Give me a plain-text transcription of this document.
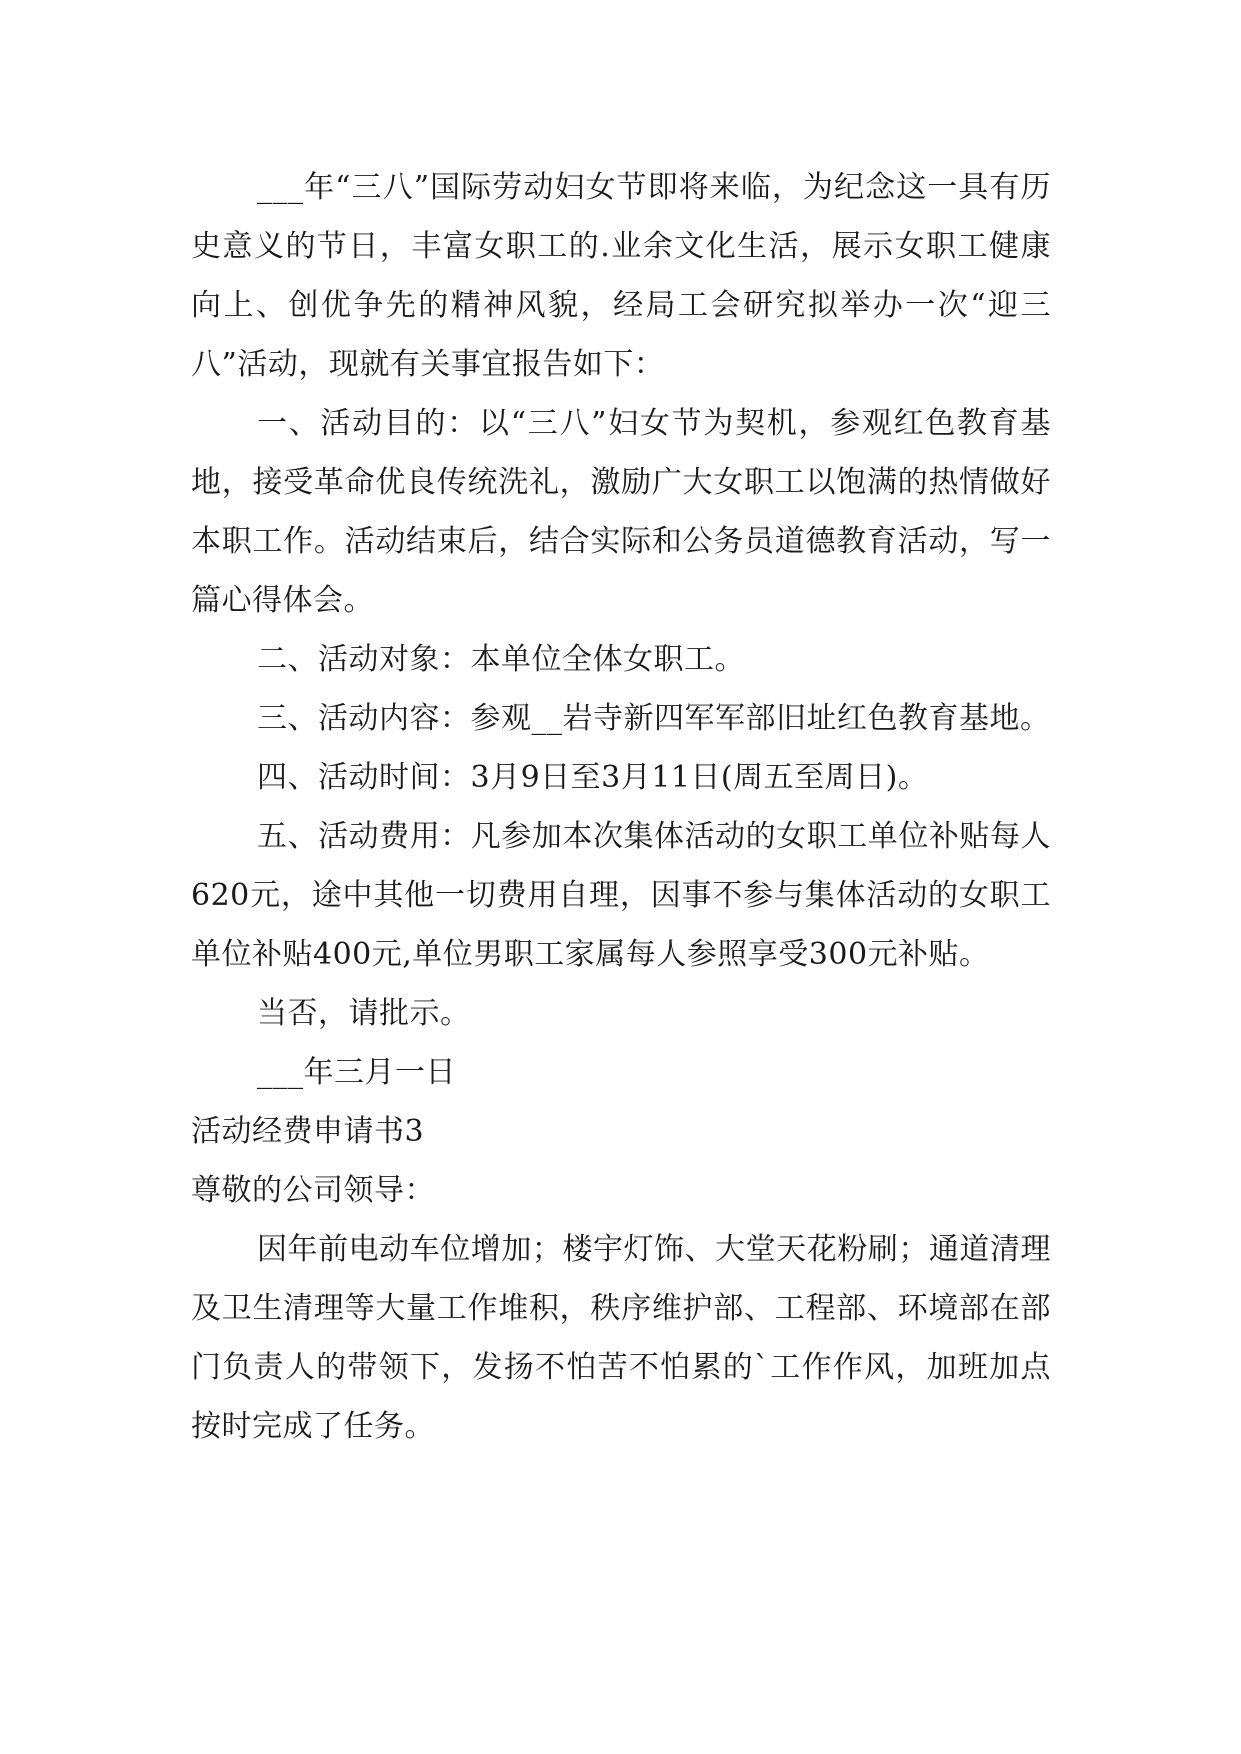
___年“三八”国际劳动妇女节即将来临，为纪念这一具有历史意义的节日，丰富女职工的.业余文化生活，展示女职工健康向上、创优争先的精神风貌，经局工会研究拟举办一次“迎三八”活动，现就有关事宜报告如下：

一、活动目的：以“三八”妇女节为契机，参观红色教育基地，接受革命优良传统洗礼，激励广大女职工以饱满的热情做好本职工作。活动结束后，结合实际和公务员道德教育活动，写一篇心得体会。

二、活动对象：本单位全体女职工。

三、活动内容：参观__岩寺新四军军部旧址红色教育基地。

四、活动时间：3月9日至3月11日(周五至周日)。

五、活动费用：凡参加本次集体活动的女职工单位补贴每人620元，途中其他一切费用自理，因事不参与集体活动的女职工单位补贴400元,单位男职工家属每人参照享受300元补贴。

当否，请批示。

___年三月一日

活动经费申请书3

尊敬的公司领导：

因年前电动车位增加；楼宇灯饰、大堂天花粉刷；通道清理及卫生清理等大量工作堆积，秩序维护部、工程部、环境部在部门负责人的带领下，发扬不怕苦不怕累的`工作作风，加班加点按时完成了任务。
